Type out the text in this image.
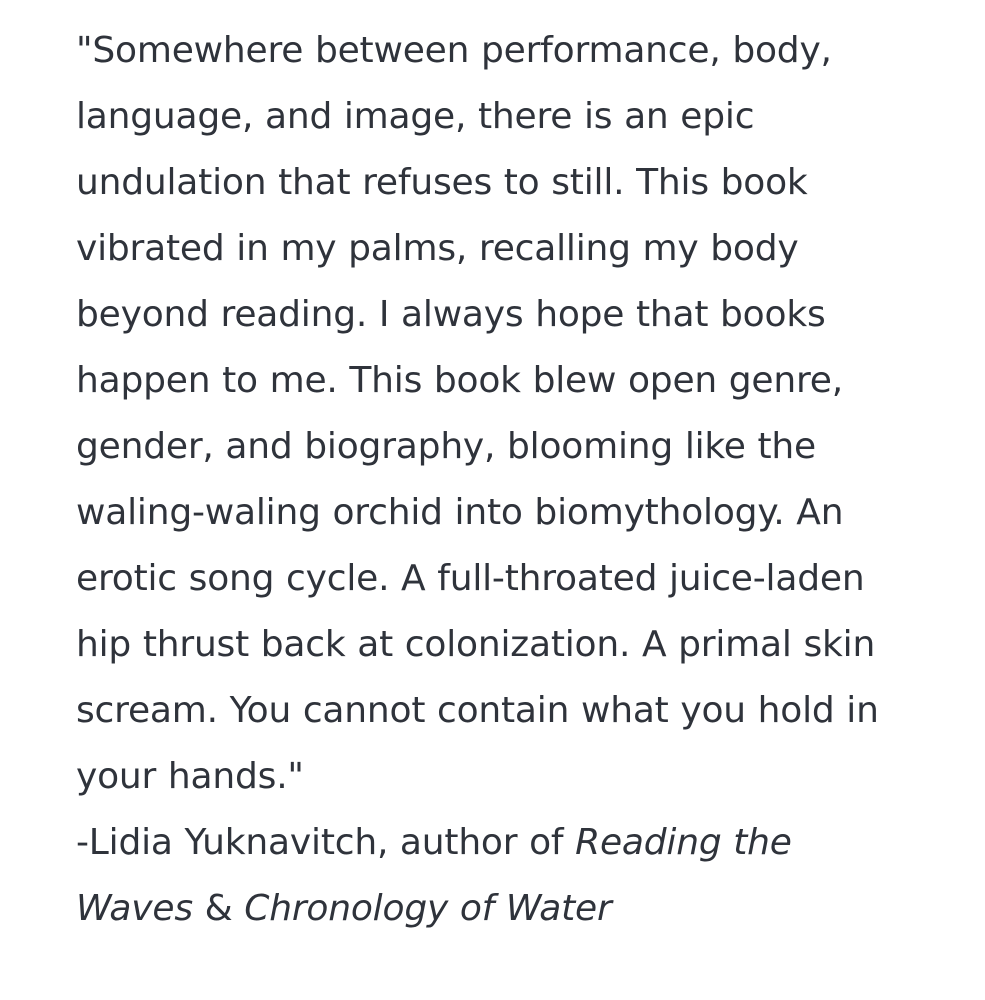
"Somewhere between performance, body, language, and image, there is an epic undulation that refuses to still. This book vibrated in my palms, recalling my body beyond reading. I always hope that books happen to me. This book blew open genre, gender, and biography, blooming like the waling-waling orchid into biomythology. An erotic song cycle. A full-throated juice-laden hip thrust back at colonization. A primal skin scream. You cannot contain what you hold in your hands."

-Lidia Yuknavitch, author of Reading the Waves & Chronology of Water
